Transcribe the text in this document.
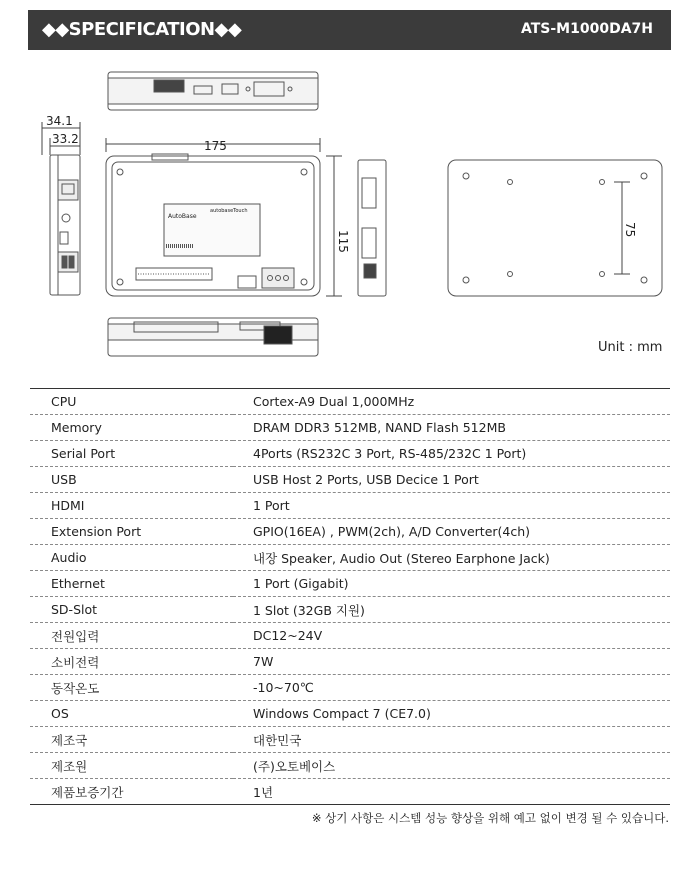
◆◆SPECIFICATION◆◆	ATS-M1000DA7H
34.1
33.2	175
115
75
AutoBase
autobaseTouch
Unit : mm
CPU	Cortex-A9 Dual 1,000MHz
Memory	DRAM DDR3 512MB, NAND Flash 512MB
Serial Port	4Ports (RS232C 3 Port, RS-485/232C 1 Port)
USB	USB Host 2 Ports, USB Decice 1 Port
HDMI	1 Port
Extension Port	GPIO(16EA) , PWM(2ch), A/D Converter(4ch)
Audio	내장 Speaker, Audio Out (Stereo Earphone Jack)
Ethernet	1 Port (Gigabit)
SD-Slot	1 Slot (32GB 지원)
전원입력	DC12~24V
소비전력	7W
동작온도	-10~70℃
OS	Windows Compact 7 (CE7.0)
제조국	대한민국
제조원	(주)오토베이스
제품보증기간	1년
※ 상기 사항은 시스템 성능 향상을 위해 예고 없이 변경 될 수 있습니다.
